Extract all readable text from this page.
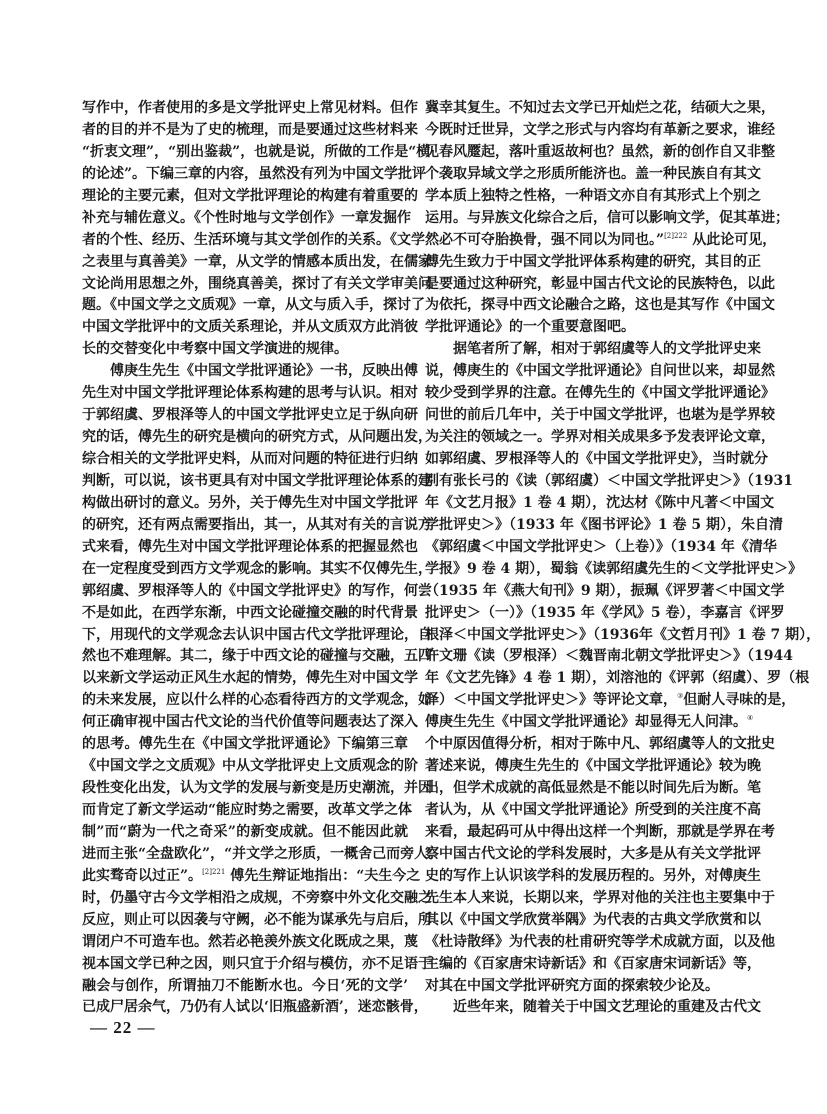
写作中，作者使用的多是文学批评史上常见材料。但作
者的目的并不是为了史的梳理，而是要通过这些材料来
“折衷文理”，“别出鉴裁”，也就是说，所做的工作是“横
的论述”。下编三章的内容，虽然没有列为中国文学批评
理论的主要元素，但对文学批评理论的构建有着重要的
补充与辅佐意义。《个性时地与文学创作》一章发掘作
者的个性、经历、生活环境与其文学创作的关系。《文学
之表里与真善美》一章，从文学的情感本质出发，在儒家
文论尚用思想之外，围绕真善美，探讨了有关文学审美问
题。《中国文学之文质观》一章，从文与质入手，探讨了
中国文学批评中的文质关系理论，并从文质双方此消彼
长的交替变化中考察中国文学演进的规律。
傅庚生先生《中国文学批评通论》一书，反映出傅
先生对中国文学批评理论体系构建的思考与认识。相对
于郭绍虞、罗根泽等人的中国文学批评史立足于纵向研
究的话，傅先生的研究是横向的研究方式，从问题出发，
综合相关的文学批评史料，从而对问题的特征进行归纳
判断，可以说，该书更具有对中国文学批评理论体系的建
构做出研讨的意义。另外，关于傅先生对中国文学批评
的研究，还有两点需要指出，其一，从其对有关的言说方
式来看，傅先生对中国文学批评理论体系的把握显然也
在一定程度受到西方文学观念的影响。其实不仅傅先生，
郭绍虞、罗根泽等人的《中国文学批评史》的写作，何尝
不是如此，在西学东渐，中西文论碰撞交融的时代背景
下，用现代的文学观念去认识中国古代文学批评理论，自
然也不难理解。其二，缘于中西文论的碰撞与交融，五四
以来新文学运动正风生水起的情势，傅先生对中国文学
的未来发展，应以什么样的心态看待西方的文学观念，如
何正确审视中国古代文论的当代价值等问题表达了深入
的思考。傅先生在《中国文学批评通论》下编第三章
《中国文学之文质观》中从文学批评史上文质观念的阶
段性变化出发，认为文学的发展与新变是历史潮流，并因
而肯定了新文学运动“能应时势之需要，改革文学之体
制”而“蔚为一代之奇采”的新变成就。但不能因此就
进而主张“全盘欧化”，“并文学之形质，一概舍己而旁人。
此实骛奇以过正”。$^{[2]221}$ 傅先生辩证地指出：“夫生今之
时，仍墨守古今文学相沿之成规，不旁察中外文化交融之
反应，则止可以因袭与守阙，必不能为谋承先与启后，所
谓闭户不可造车也。然若必艳羡外族文化既成之果，蔑
视本国文学已种之因，则只宜于介绍与模仿，亦不足语于
融会与创作，所谓抽刀不能断水也。今日‘死的文学’
已成尸居余气，乃仍有人试以‘旧瓶盛新酒’，迷恋骸骨，
冀幸其复生。不知过去文学已开灿烂之花，结硕大之果，
今既时迁世异，文学之形式与内容均有革新之要求，谁经
见春风蹷起，落叶重返故柯也？虽然，新的创作自又非整
个袭取异域文学之形质所能济也。盖一种民族自有其文
学本质上独特之性格，一种语文亦自有其形式上个别之
运用。与异族文化综合之后，信可以影响文学，促其革进；
然必不可夺胎换骨，强不同以为同也。”$^{[2]222}$ 从此论可见，
傅先生致力于中国文学批评体系构建的研究，其目的正
是要通过这种研究，彰显中国古代文论的民族特色，以此
为依托，探寻中西文论融合之路，这也是其写作《中国文
学批评通论》的一个重要意图吧。
据笔者所了解，相对于郭绍虞等人的文学批评史来
说，傅庚生的《中国文学批评通论》自问世以来，却显然
较少受到学界的注意。在傅先生的《中国文学批评通论》
问世的前后几年中，关于中国文学批评，也堪为是学界较
为关注的领域之一。学界对相关成果多予发表评论文章，
如郭绍虞、罗根泽等人的《中国文学批评史》，当时就分
别有张长弓的《读（郭绍虞）＜中国文学批评史＞》（1931
年《文艺月报》1 卷 4 期），沈达材《陈中凡著＜中国文
学批评史＞》（1933 年《图书评论》1 卷 5 期），朱自清
《郭绍虞＜中国文学批评史＞（上卷）》（1934 年《清华
学报》9 卷 4 期），蜀翁《读郭绍虞先生的＜文学批评史＞》
（1935 年《燕大旬刊》9 期），振珮《评罗著＜中国文学
批评史＞（一）》（1935 年《学风》5 卷），李嘉言《评罗
根泽＜中国文学批评史＞》（1936年《文哲月刊》1 卷 7 期），
许文珊《读（罗根泽）＜魏晋南北朝文学批评史＞》（1944
年《文艺先锋》4 卷 1 期），刘溶池的《评郭（绍虞）、罗（根
泽）＜中国文学批评史＞》等评论文章，③但耐人寻味的是，
傅庚生先生《中国文学批评通论》却显得无人问津。④
个中原因值得分析，相对于陈中凡、郭绍虞等人的文批史
著述来说，傅庚生先生的《中国文学批评通论》较为晚
出，但学术成就的高低显然是不能以时间先后为断。笔
者认为，从《中国文学批评通论》所受到的关注度不高
来看，最起码可从中得出这样一个判断，那就是学界在考
察中国古代文论的学科发展时，大多是从有关文学批评
史的写作上认识该学科的发展历程的。另外，对傅庚生
先生本人来说，长期以来，学界对他的关注也主要集中于
其以《中国文学欣赏举隅》为代表的古典文学欣赏和以
《杜诗散绎》为代表的杜甫研究等学术成就方面，以及他
主编的《百家唐宋诗新话》和《百家唐宋词新话》等，
对其在中国文学批评研究方面的探索较少论及。
近些年来，随着关于中国文艺理论的重建及古代文
— 22 —
